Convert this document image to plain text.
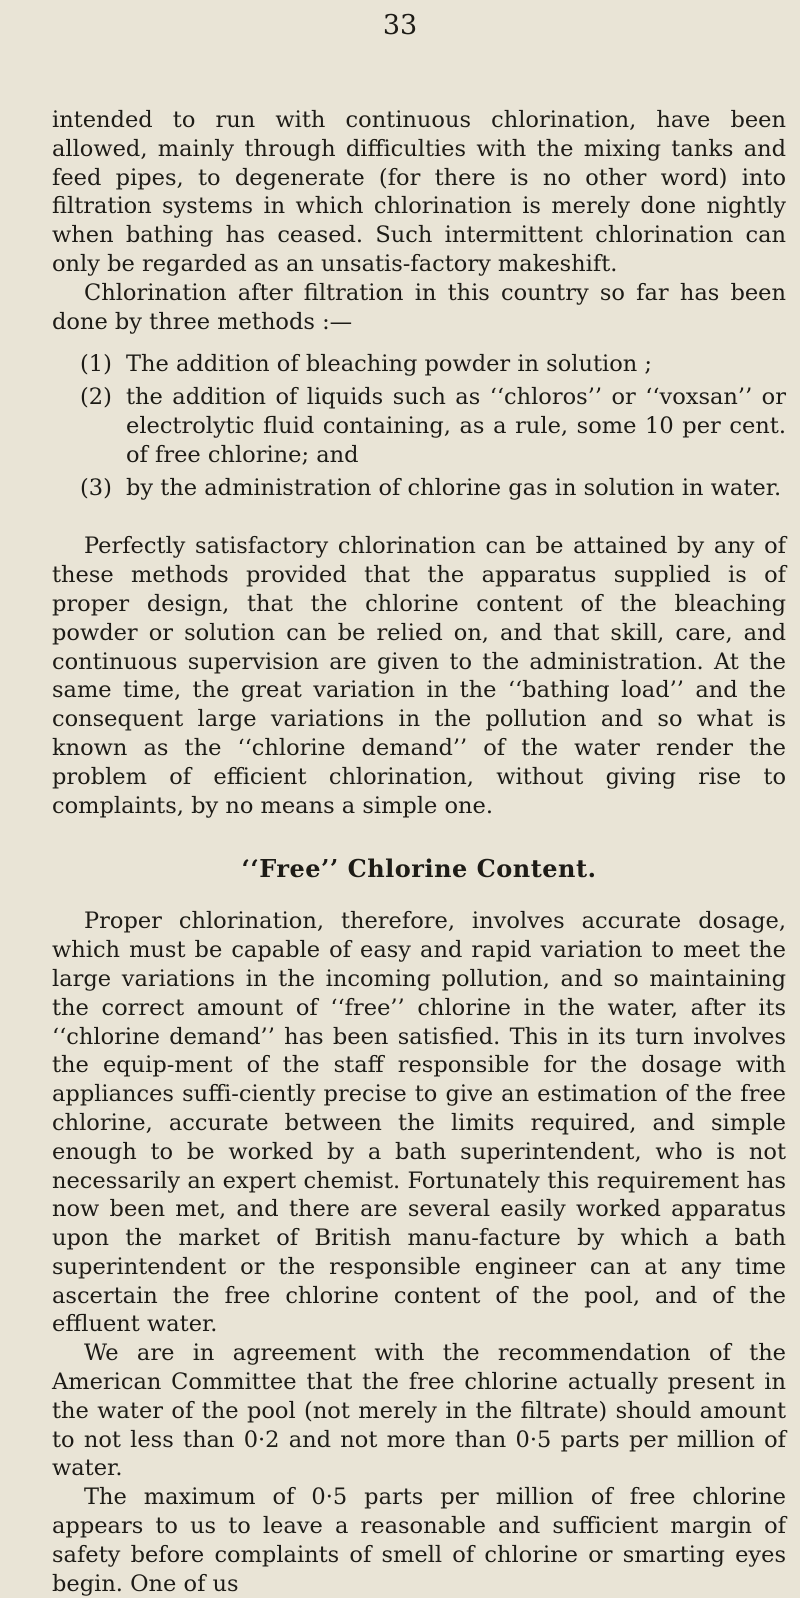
33

intended to run with continuous chlorination, have been allowed, mainly through difficulties with the mixing tanks and feed pipes, to degenerate (for there is no other word) into filtration systems in which chlorination is merely done nightly when bathing has ceased. Such intermittent chlorination can only be regarded as an unsatis-factory makeshift.

Chlorination after filtration in this country so far has been done by three methods :—

(1) The addition of bleaching powder in solution ;
(2) the addition of liquids such as ‘‘chloros’’ or ‘‘voxsan’’ or electrolytic fluid containing, as a rule, some 10 per cent. of free chlorine; and
(3) by the administration of chlorine gas in solution in water.

Perfectly satisfactory chlorination can be attained by any of these methods provided that the apparatus supplied is of proper design, that the chlorine content of the bleaching powder or solution can be relied on, and that skill, care, and continuous supervision are given to the administration. At the same time, the great variation in the ‘‘bathing load’’ and the consequent large variations in the pollution and so what is known as the ‘‘chlorine demand’’ of the water render the problem of efficient chlorination, without giving rise to complaints, by no means a simple one.

‘‘Free’’ Chlorine Content.

Proper chlorination, therefore, involves accurate dosage, which must be capable of easy and rapid variation to meet the large variations in the incoming pollution, and so maintaining the correct amount of ‘‘free’’ chlorine in the water, after its ‘‘chlorine demand’’ has been satisfied. This in its turn involves the equip-ment of the staff responsible for the dosage with appliances suffi-ciently precise to give an estimation of the free chlorine, accurate between the limits required, and simple enough to be worked by a bath superintendent, who is not necessarily an expert chemist. Fortunately this requirement has now been met, and there are several easily worked apparatus upon the market of British manu-facture by which a bath superintendent or the responsible engineer can at any time ascertain the free chlorine content of the pool, and of the effluent water.

We are in agreement with the recommendation of the American Committee that the free chlorine actually present in the water of the pool (not merely in the filtrate) should amount to not less than 0·2 and not more than 0·5 parts per million of water.

The maximum of 0·5 parts per million of free chlorine appears to us to leave a reasonable and sufficient margin of safety before complaints of smell of chlorine or smarting eyes begin. One of us
